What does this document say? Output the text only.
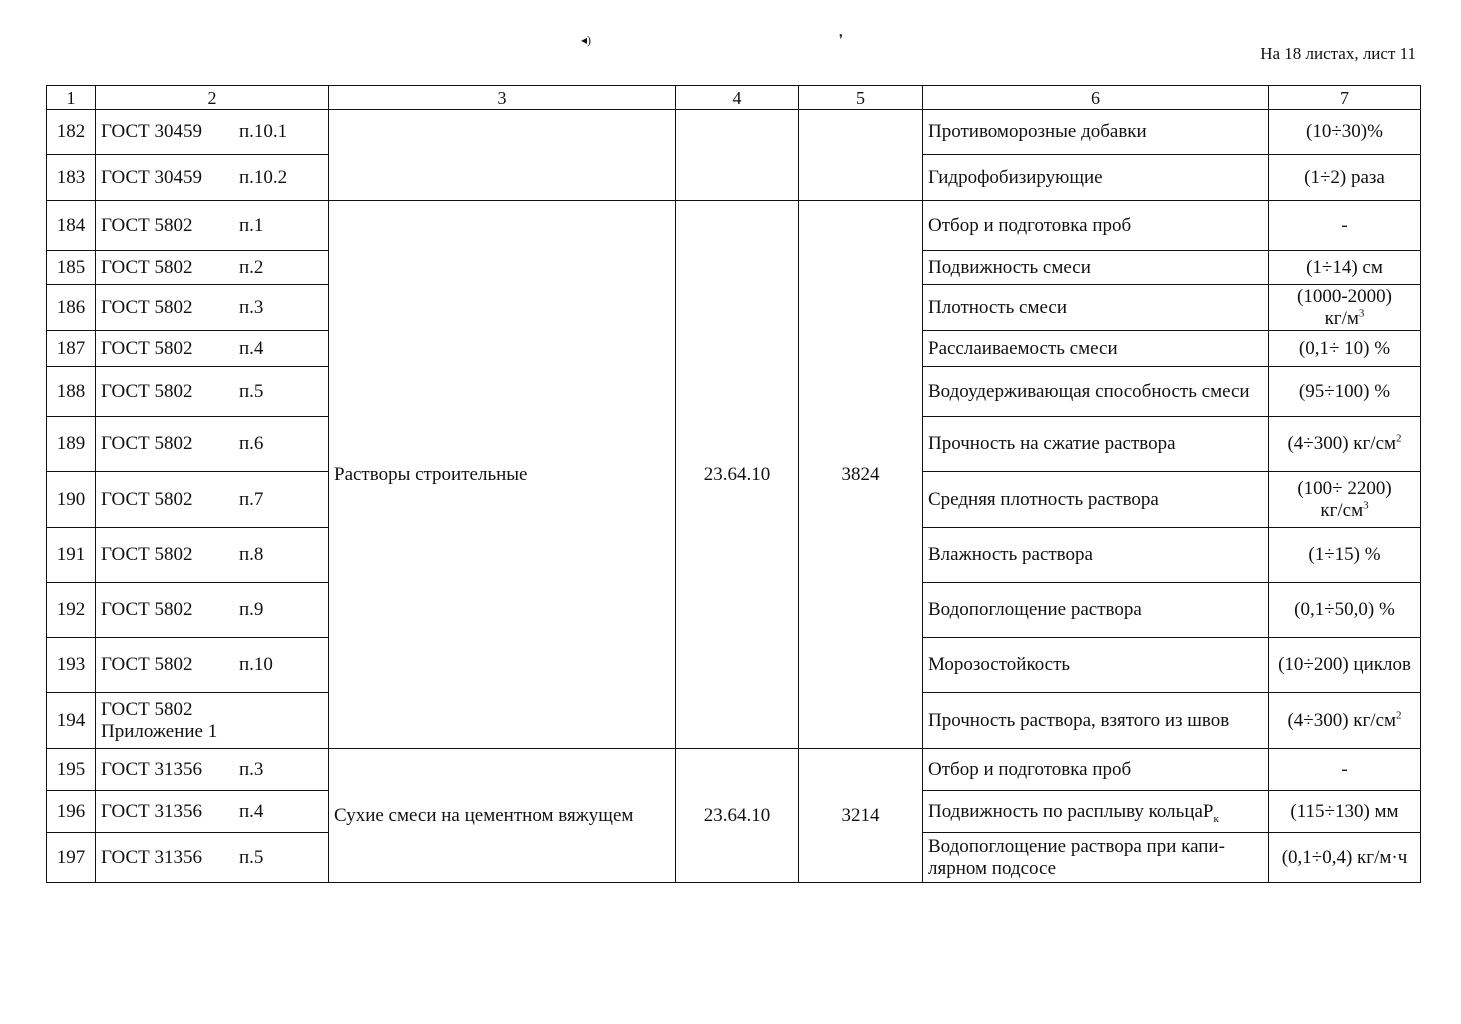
На 18 листах, лист 11
◂)	❜
1	2	3	4	5	6	7
182	ГОСТ 30459 п.10.1				Противоморозные добавки	(10÷30)%
183	ГОСТ 30459 п.10.2				Гидрофобизирующие	(1÷2) раза
184	ГОСТ 5802 п.1	Растворы строительные	23.64.10	3824	Отбор и подготовка проб	-
185	ГОСТ 5802 п.2				Подвижность смеси	(1÷14) см
186	ГОСТ 5802 п.3				Плотность смеси	(1000-2000)
$кг/м^3$
187	ГОСТ 5802 п.4				Расслаиваемость смеси	(0,1÷ 10) %
188	ГОСТ 5802 п.5				Водоудерживающая способность смеси	(95÷100) %
189	ГОСТ 5802 п.6				Прочность на сжатие раствора	(4÷300) $кг/см^2$
190	ГОСТ 5802 п.7				Средняя плотность раствора	(100÷ 2200)
$кг/см^3$
191	ГОСТ 5802 п.8				Влажность раствора	(1÷15) %
192	ГОСТ 5802 п.9				Водопоглощение раствора	(0,1÷50,0) %
193	ГОСТ 5802 п.10				Морозостойкость	(10÷200) циклов
194	ГОСТ 5802
Приложение 1				Прочность раствора, взятого из швов	(4÷300) $кг/см^2$
195	ГОСТ 31356 п.3	Сухие смеси на цементном вяжущем	23.64.10	3214	Отбор и подготовка проб	-
196	ГОСТ 31356 п.4				Подвижность по расплыву кольцаР$_к$	(115÷130) мм
197	ГОСТ 31356 п.5				Водопоглощение раствора при капи-лярном подсосе	(0,1÷0,4) кг/м·ч
